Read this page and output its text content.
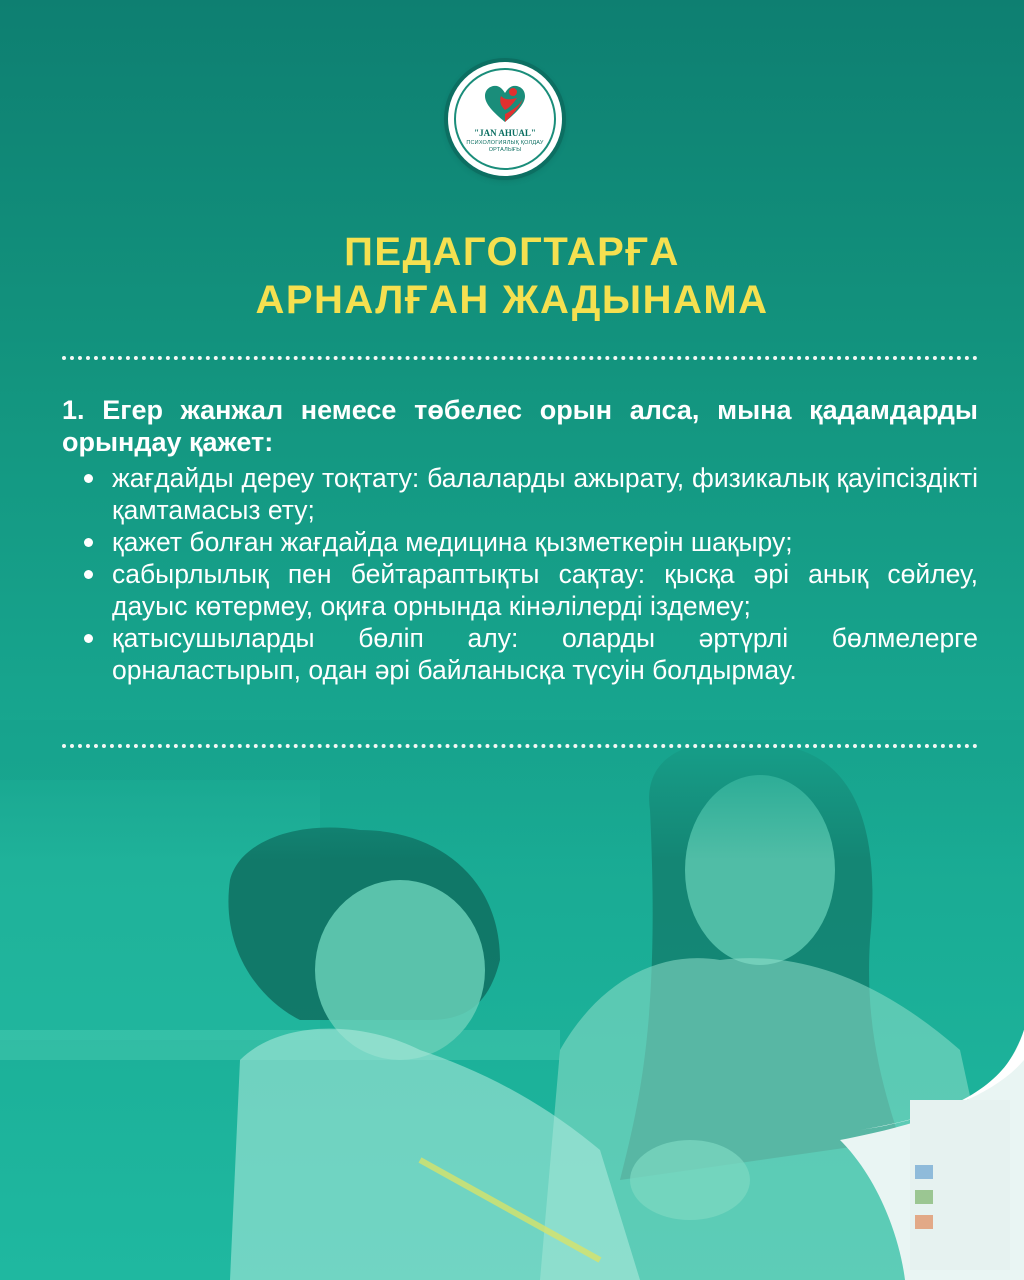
"JAN AHUAL"
ПСИХОЛОГИЯЛЫҚ ҚОЛДАУ ОРТАЛЫҒЫ
ПЕДАГОГТАРҒА
АРНАЛҒАН ЖАДЫНАМА

1. Егер жанжал немесе төбелес орын алса, мына қадамдарды орындау қажет:

жағдайды дереу тоқтату: балаларды ажырату, физикалық қауіпсіздікті қамтамасыз ету;
қажет болған жағдайда медицина қызметкерін шақыру;
сабырлылық пен бейтараптықты сақтау: қысқа әрі анық сөйлеу, дауыс көтермеу, оқиға орнында кінәлілерді іздемеу;
қатысушыларды бөліп алу: оларды әртүрлі бөлмелерге орналастырып, одан әрі байланысқа түсуін болдырмау.
